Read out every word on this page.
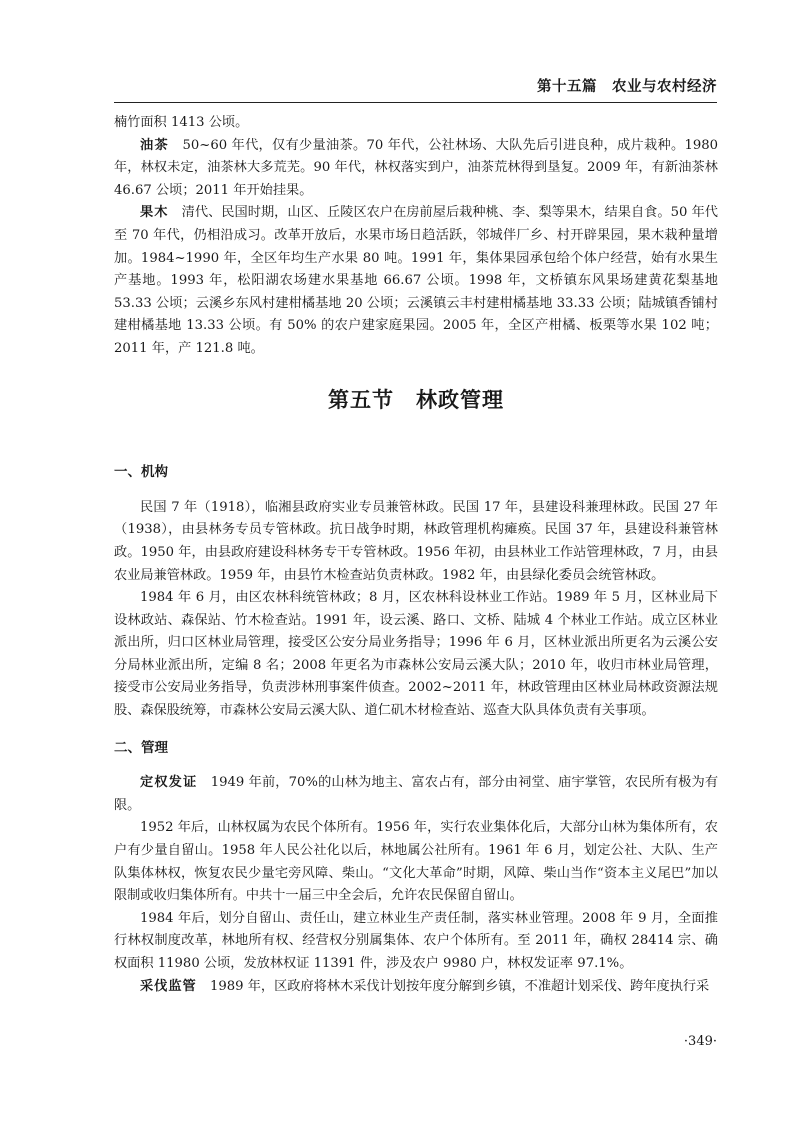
第十五篇　农业与农村经济

楠竹面积 1413 公顷。

油茶　 50~60 年代，仅有少量油茶。70 年代，公社林场、大队先后引进良种，成片栽种。1980 年，林权未定，油茶林大多荒芜。90 年代，林权落实到户，油茶荒林得到垦复。2009 年，有新油茶林 46.67 公顷；2011 年开始挂果。

果木　 清代、民国时期，山区、丘陵区农户在房前屋后栽种桃、李、梨等果木，结果自食。50 年代至 70 年代，仍相沿成习。改革开放后，水果市场日趋活跃，邻城伴厂乡、村开辟果园，果木栽种量增加。1984~1990 年，全区年均生产水果 80 吨。1991 年，集体果园承包给个体户经营，始有水果生产基地。1993 年，松阳湖农场建水果基地 66.67 公顷。1998 年，文桥镇东风果场建黄花梨基地 53.33 公顷；云溪乡东风村建柑橘基地 20 公顷；云溪镇云丰村建柑橘基地 33.33 公顷；陆城镇香铺村建柑橘基地 13.33 公顷。有 50% 的农户建家庭果园。2005 年，全区产柑橘、板栗等水果 102 吨；2011 年，产 121.8 吨。

第五节　林政管理
一、机构

民国 7 年（1918），临湘县政府实业专员兼管林政。民国 17 年，县建设科兼理林政。民国 27 年（1938），由县林务专员专管林政。抗日战争时期，林政管理机构瘫痪。民国 37 年，县建设科兼管林政。1950 年，由县政府建设科林务专干专管林政。1956 年初，由县林业工作站管理林政，7 月，由县农业局兼管林政。1959 年，由县竹木检查站负责林政。1982 年，由县绿化委员会统管林政。

1984 年 6 月，由区农林科统管林政；8 月，区农林科设林业工作站。1989 年 5 月，区林业局下设林政站、森保站、竹木检查站。1991 年，设云溪、路口、文桥、陆城 4 个林业工作站。成立区林业派出所，归口区林业局管理，接受区公安分局业务指导；1996 年 6 月，区林业派出所更名为云溪公安分局林业派出所，定编 8 名；2008 年更名为市森林公安局云溪大队；2010 年，收归市林业局管理，接受市公安局业务指导，负责涉林刑事案件侦查。2002~2011 年，林政管理由区林业局林政资源法规股、森保股统筹，市森林公安局云溪大队、道仁矶木材检查站、巡查大队具体负责有关事项。

二、管理

定权发证　 1949 年前，70%的山林为地主、富农占有，部分由祠堂、庙宇掌管，农民所有极为有限。

1952 年后，山林权属为农民个体所有。1956 年，实行农业集体化后，大部分山林为集体所有，农户有少量自留山。1958 年人民公社化以后，林地属公社所有。1961 年 6 月，划定公社、大队、生产队集体林权，恢复农民少量宅旁风障、柴山。“文化大革命”时期，风障、柴山当作“资本主义尾巴”加以限制或收归集体所有。中共十一届三中全会后，允许农民保留自留山。

1984 年后，划分自留山、责任山，建立林业生产责任制，落实林业管理。2008 年 9 月，全面推行林权制度改革，林地所有权、经营权分别属集体、农户个体所有。至 2011 年，确权 28414 宗、确权面积 11980 公顷，发放林权证 11391 件，涉及农户 9980 户，林权发证率 97.1%。

采伐监管　 1989 年，区政府将林木采伐计划按年度分解到乡镇，不准超计划采伐、跨年度执行采

·349·
